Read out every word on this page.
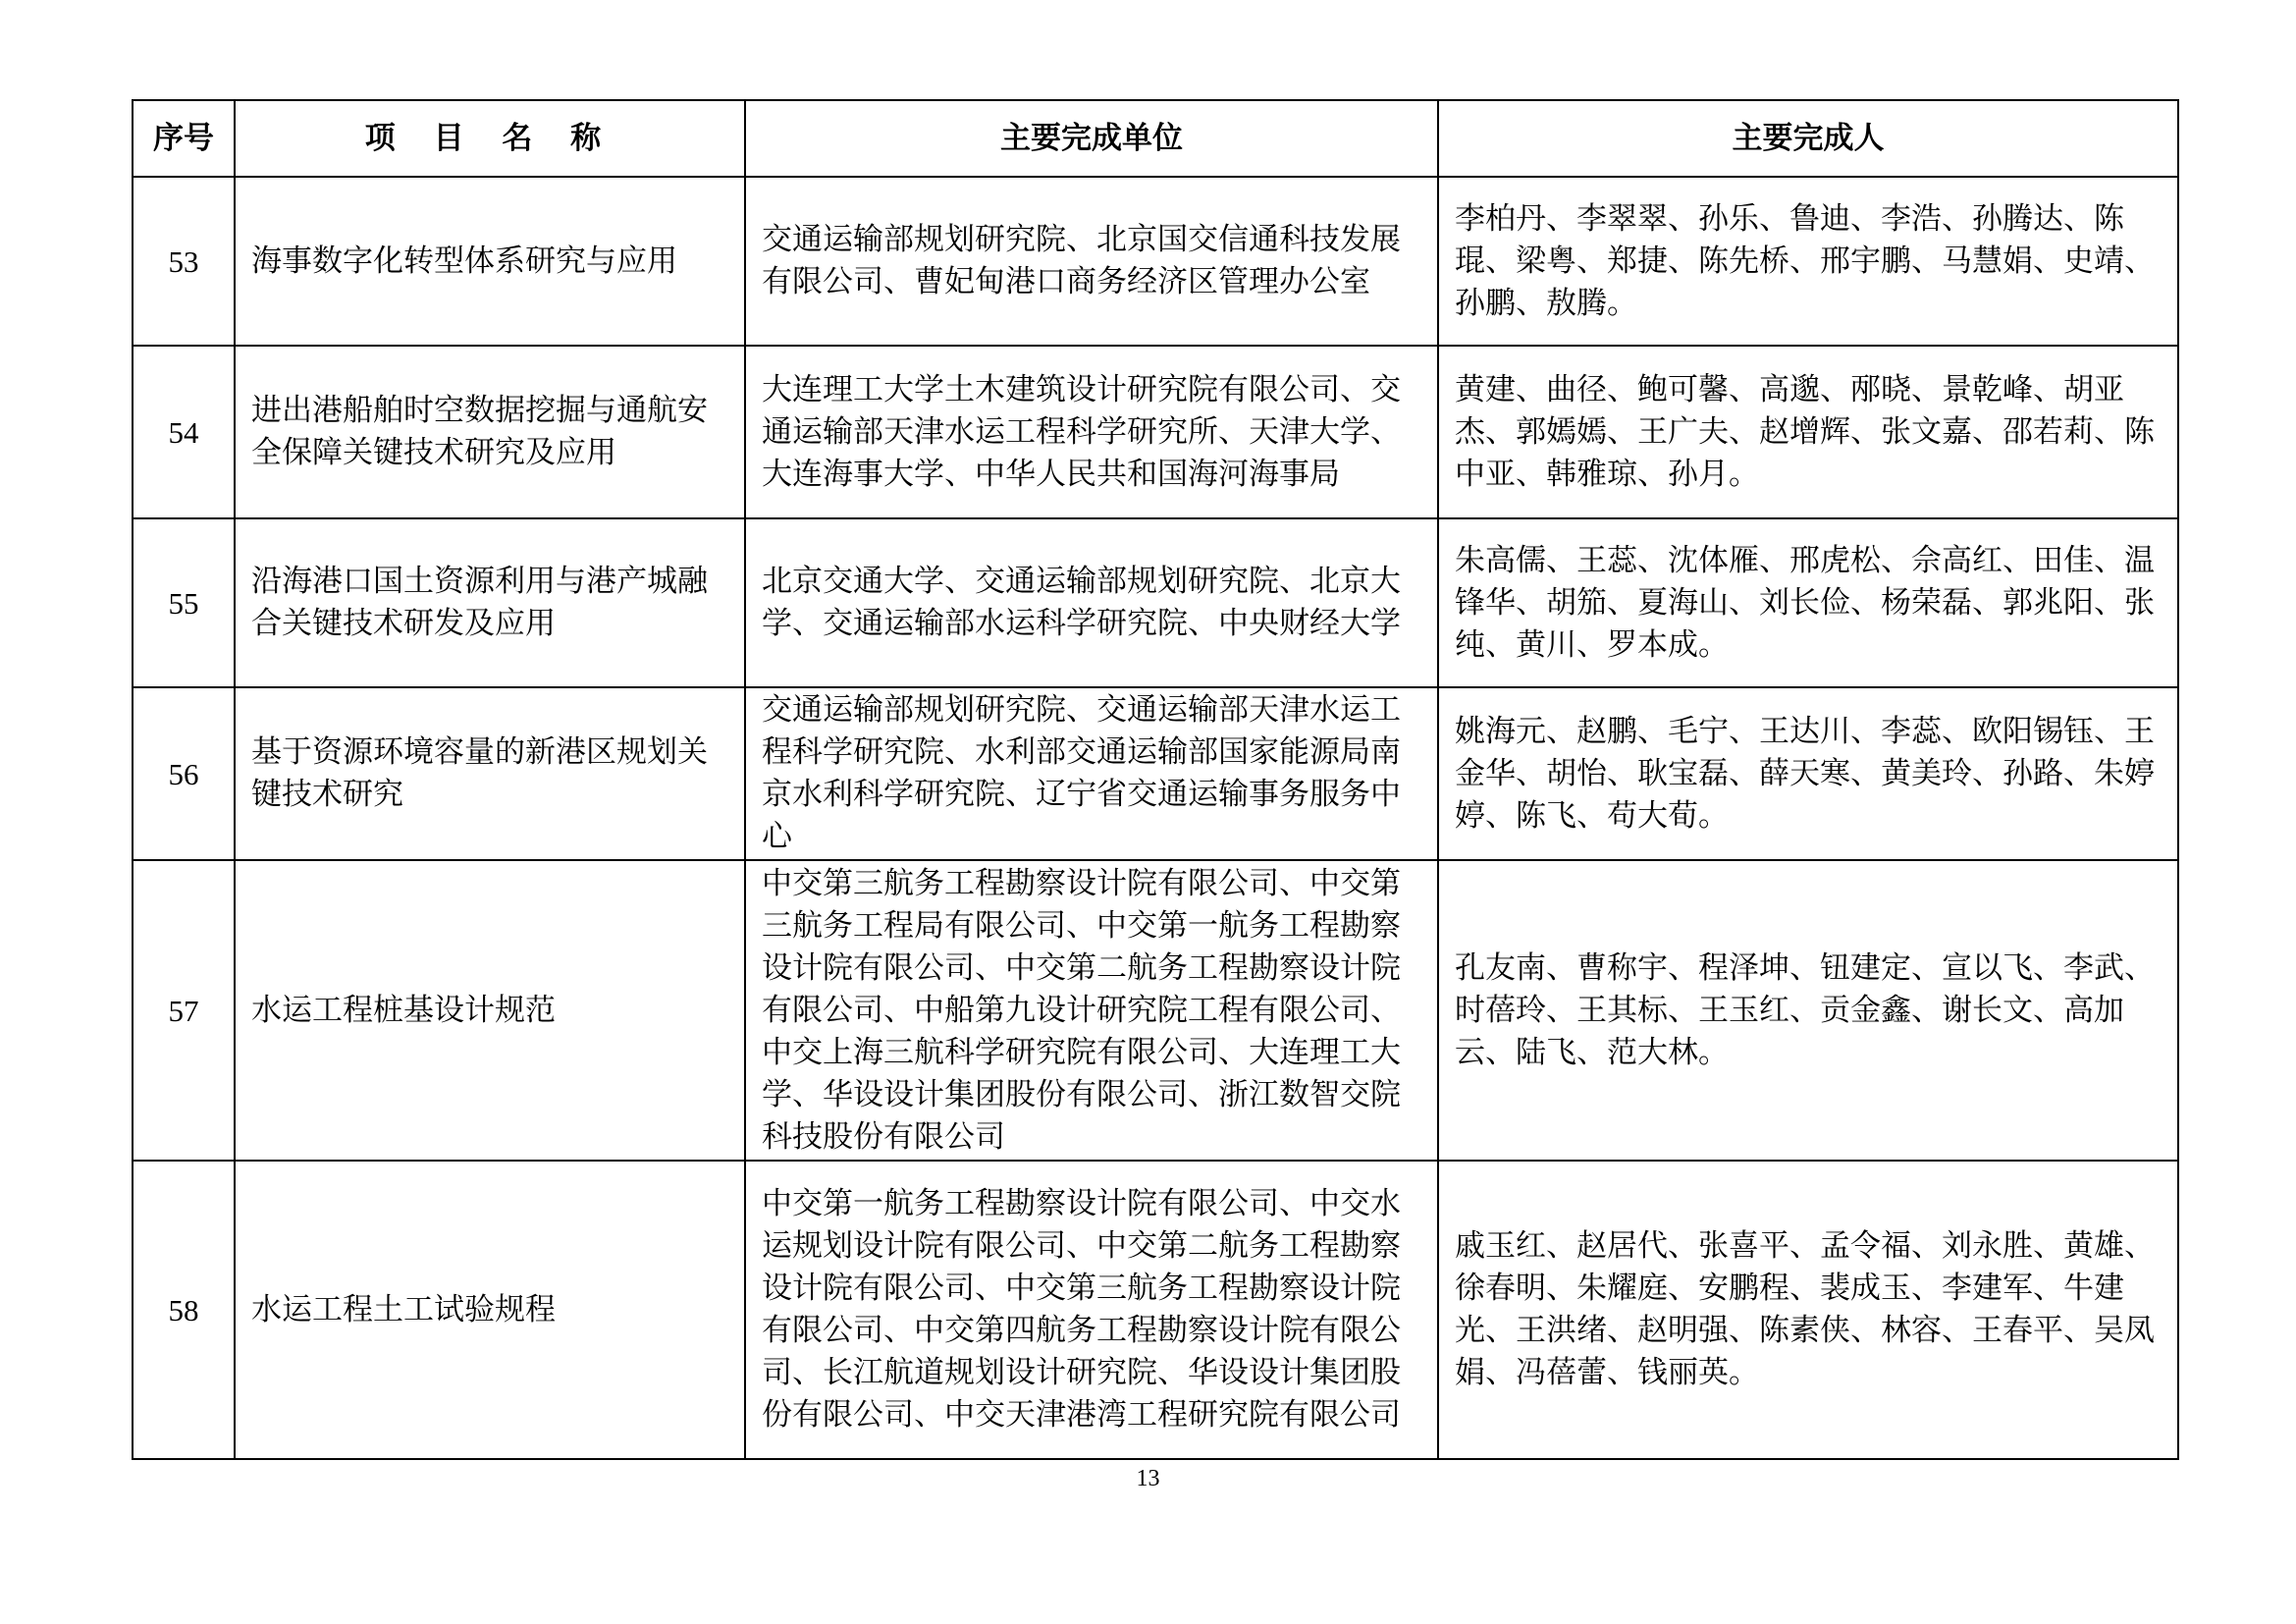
序号	项 目 名 称	主要完成单位	主要完成人
53	海事数字化转型体系研究与应用	交通运输部规划研究院、北京国交信通科技发展有限公司、曹妃甸港口商务经济区管理办公室	李柏丹、李翠翠、孙乐、鲁迪、李浩、孙腾达、陈琨、梁粤、郑捷、陈先桥、邢宇鹏、马慧娟、史靖、孙鹏、敖腾。
54	进出港船舶时空数据挖掘与通航安全保障关键技术研究及应用	大连理工大学土木建筑设计研究院有限公司、交通运输部天津水运工程科学研究所、天津大学、大连海事大学、中华人民共和国海河海事局	黄建、曲径、鲍可馨、高邈、邴晓、景乾峰、胡亚杰、郭嫣嫣、王广夫、赵增辉、张文嘉、邵若莉、陈中亚、韩雅琼、孙月。
55	沿海港口国土资源利用与港产城融合关键技术研发及应用	北京交通大学、交通运输部规划研究院、北京大学、交通运输部水运科学研究院、中央财经大学	朱高儒、王蕊、沈体雁、邢虎松、佘高红、田佳、温锋华、胡笳、夏海山、刘长俭、杨荣磊、郭兆阳、张纯、黄川、罗本成。
56	基于资源环境容量的新港区规划关键技术研究	交通运输部规划研究院、交通运输部天津水运工程科学研究院、水利部交通运输部国家能源局南京水利科学研究院、辽宁省交通运输事务服务中心	姚海元、赵鹏、毛宁、王达川、李蕊、欧阳锡钰、王金华、胡怡、耿宝磊、薛天寒、黄美玲、孙路、朱婷婷、陈飞、苟大荀。
57	水运工程桩基设计规范	中交第三航务工程勘察设计院有限公司、中交第三航务工程局有限公司、中交第一航务工程勘察设计院有限公司、中交第二航务工程勘察设计院有限公司、中船第九设计研究院工程有限公司、中交上海三航科学研究院有限公司、大连理工大学、华设设计集团股份有限公司、浙江数智交院科技股份有限公司	孔友南、曹称宇、程泽坤、钮建定、宣以飞、李武、时蓓玲、王其标、王玉红、贡金鑫、谢长文、高加云、陆飞、范大林。
58	水运工程土工试验规程	中交第一航务工程勘察设计院有限公司、中交水运规划设计院有限公司、中交第二航务工程勘察设计院有限公司、中交第三航务工程勘察设计院有限公司、中交第四航务工程勘察设计院有限公司、长江航道规划设计研究院、华设设计集团股份有限公司、中交天津港湾工程研究院有限公司	戚玉红、赵居代、张喜平、孟令福、刘永胜、黄雄、徐春明、朱耀庭、安鹏程、裴成玉、李建军、牛建光、王洪绪、赵明强、陈素侠、林容、王春平、吴凤娟、冯蓓蕾、钱丽英。
13
